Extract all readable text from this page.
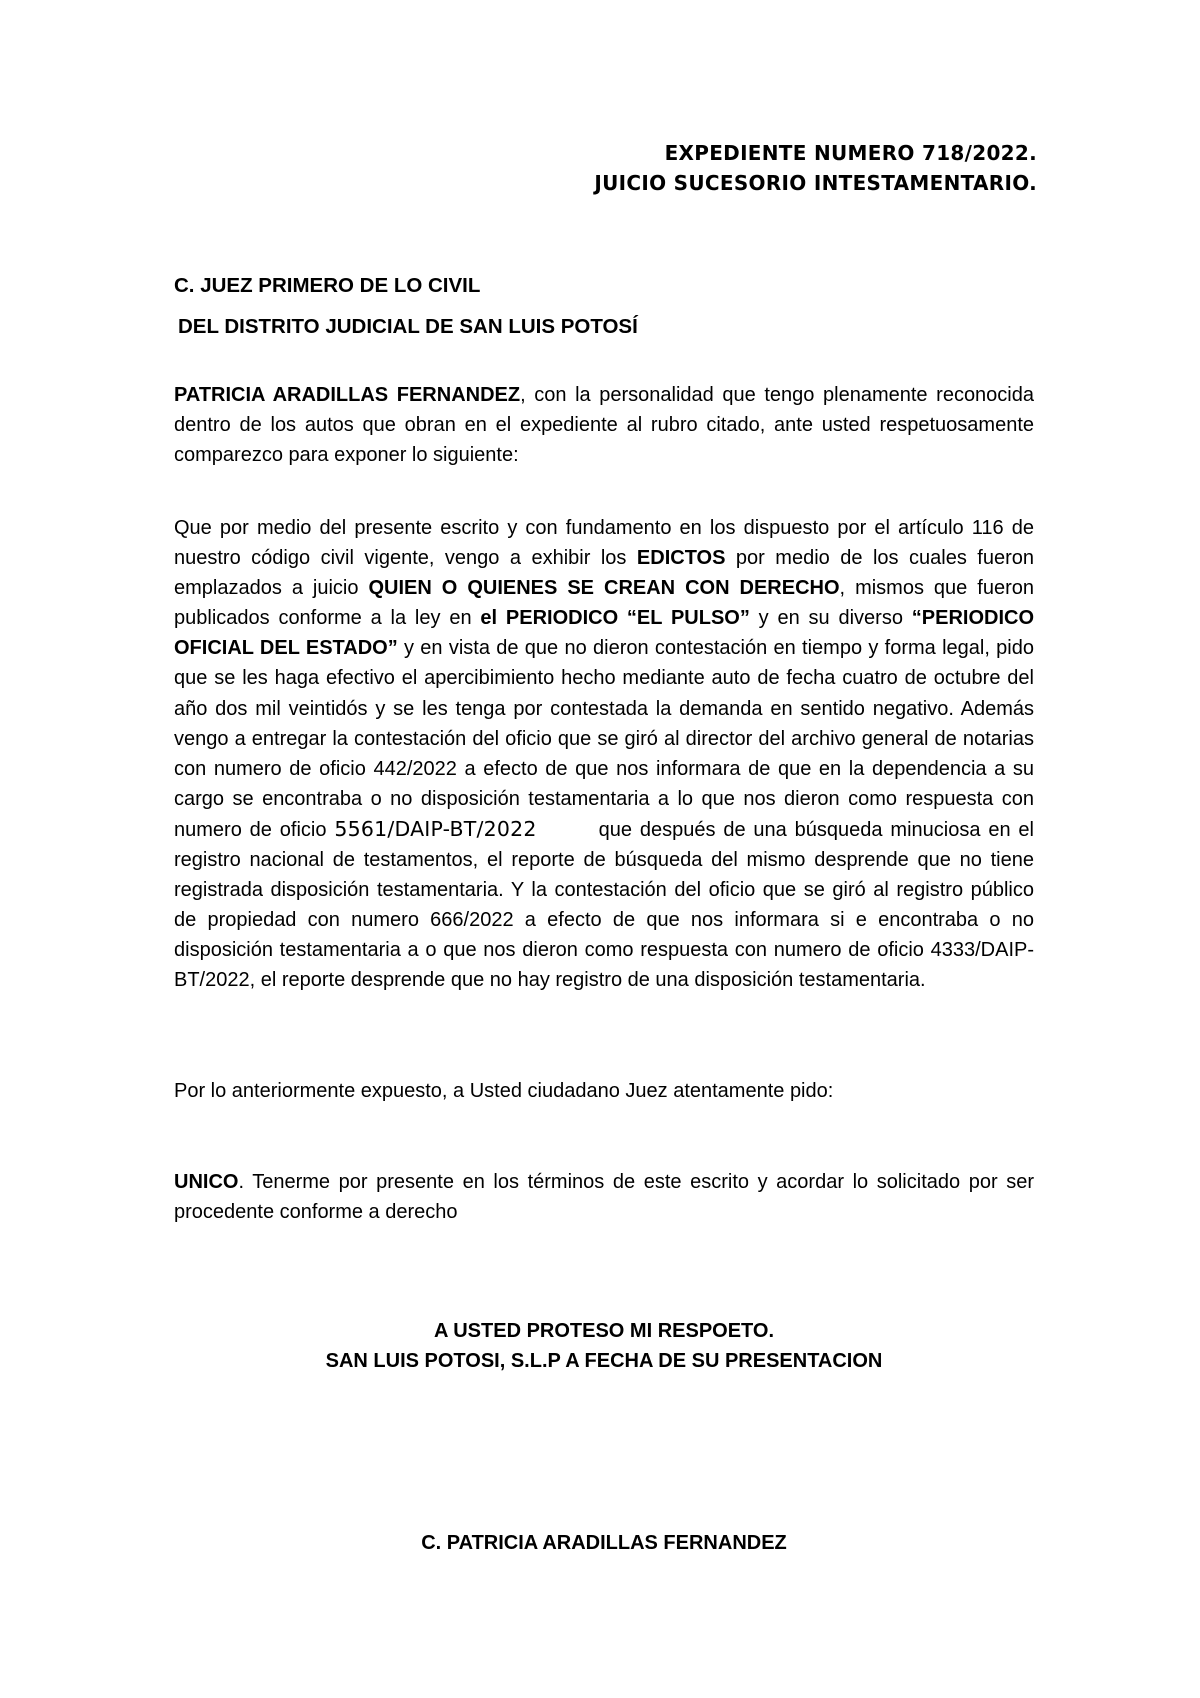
EXPEDIENTE NUMERO 718/2022.
JUICIO SUCESORIO INTESTAMENTARIO.
C. JUEZ PRIMERO DE LO CIVIL
DEL DISTRITO JUDICIAL DE SAN LUIS POTOSÍ

PATRICIA ARADILLAS FERNANDEZ, con la personalidad que tengo plenamente reconocida dentro de los autos que obran en el expediente al rubro citado, ante usted respetuosamente comparezco para exponer lo siguiente:

Que por medio del presente escrito y con fundamento en los dispuesto por el artículo 116 de nuestro código civil vigente, vengo a exhibir los EDICTOS por medio de los cuales fueron emplazados a juicio QUIEN O QUIENES SE CREAN CON DERECHO, mismos que fueron publicados conforme a la ley en el PERIODICO “EL PULSO” y en su diverso “PERIODICO OFICIAL DEL ESTADO” y en vista de que no dieron contestación en tiempo y forma legal, pido que se les haga efectivo el apercibimiento hecho mediante auto de fecha cuatro de octubre del año dos mil veintidós y se les tenga por contestada la demanda en sentido negativo. Además vengo a entregar la contestación del oficio que se giró al director del archivo general de notarias con numero de oficio 442/2022 a efecto de que nos informara de que en la dependencia a su cargo se encontraba o no disposición testamentaria a lo que nos dieron como respuesta con numero de oficio 5561/DAIP-BT/2022	que después de una búsqueda minuciosa en el registro nacional de testamentos, el reporte de búsqueda del mismo desprende que no tiene registrada disposición testamentaria. Y la contestación del oficio que se giró al registro público de propiedad con numero 666/2022 a efecto de que nos informara si e encontraba o no disposición testamentaria a o que nos dieron como respuesta con numero de oficio 4333/DAIP-BT/2022, el reporte desprende que no hay registro de una disposición testamentaria.

Por lo anteriormente expuesto, a Usted ciudadano Juez atentamente pido:

UNICO. Tenerme por presente en los términos de este escrito y acordar lo solicitado por ser procedente conforme a derecho

A USTED PROTESO MI RESPOETO.
SAN LUIS POTOSI, S.L.P A FECHA DE SU PRESENTACION
C. PATRICIA ARADILLAS FERNANDEZ
